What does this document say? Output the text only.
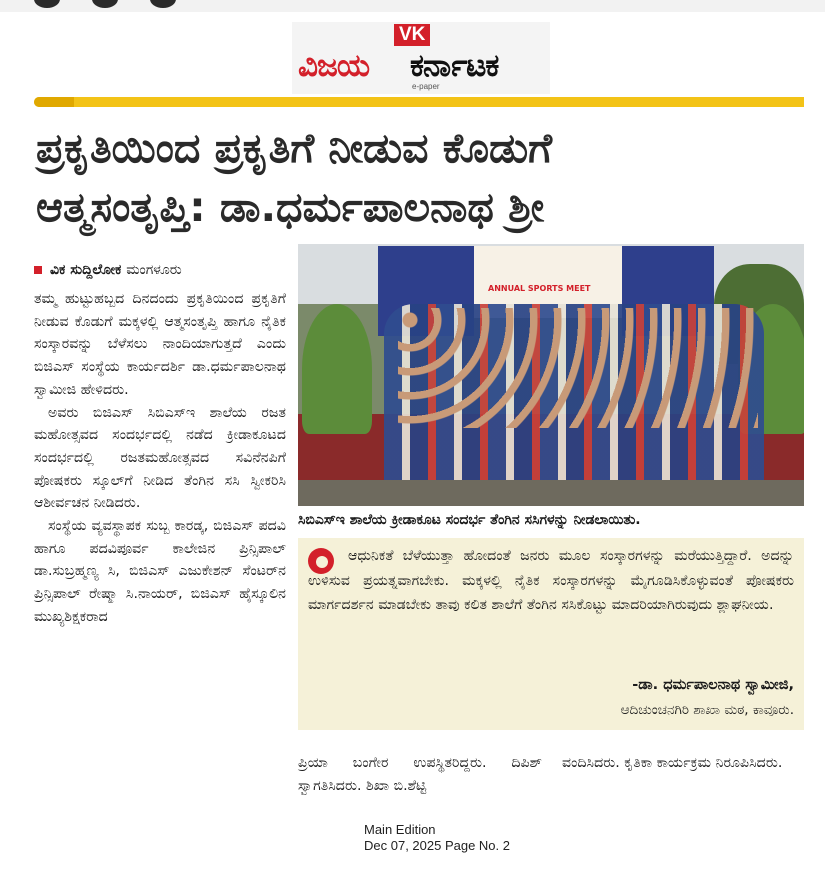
VK
ವಿಜಯ ಕರ್ನಾಟಕ
e-paper
ಪ್ರಕೃತಿಯಿಂದ ಪ್ರಕೃತಿಗೆ ನೀಡುವ ಕೊಡುಗೆ
ಆತ್ಮಸಂತೃಪ್ತಿ: ಡಾ.ಧರ್ಮಪಾಲನಾಥ ಶ್ರೀ
ವಿಕ ಸುದ್ದಿಲೋಕ ಮಂಗಳೂರು

ತಮ್ಮ ಹುಟ್ಟುಹಬ್ಬದ ದಿನದಂದು ಪ್ರಕೃತಿಯಿಂದ ಪ್ರಕೃತಿಗೆ ನೀಡುವ ಕೊಡುಗೆ ಮಕ್ಕಳಲ್ಲಿ ಆತ್ಮಸಂತೃಪ್ತಿ ಹಾಗೂ ನೈತಿಕ ಸಂಸ್ಕಾರವನ್ನು ಬೆಳೆಸಲು ನಾಂದಿಯಾಗುತ್ತದೆ ಎಂದು ಬಿಜಿಎಸ್ ಸಂಸ್ಥೆಯ ಕಾರ್ಯದರ್ಶಿ ಡಾ.ಧರ್ಮಪಾಲನಾಥ ಸ್ವಾಮೀಜಿ ಹೇಳಿದರು.

ಅವರು ಬಿಜಿಎಸ್ ಸಿಬಿಎಸ್‌ಇ ಶಾಲೆಯ ರಜತ ಮಹೋತ್ಸವದ ಸಂದರ್ಭದಲ್ಲಿ ನಡೆದ ಕ್ರೀಡಾಕೂಟದ ಸಂದರ್ಭದಲ್ಲಿ ರಜತಮಹೋತ್ಸವದ ಸವಿನೆನಪಿಗೆ ಪೋಷಕರು ಸ್ಕೂಲ್‌ಗೆ ನೀಡಿದ ತೆಂಗಿನ ಸಸಿ ಸ್ವೀಕರಿಸಿ ಆಶೀರ್ವಚನ ನೀಡಿದರು.

ಸಂಸ್ಥೆಯ ವ್ಯವಸ್ಥಾಪಕ ಸುಬ್ಬ ಕಾರಡ್ಕ, ಬಿಜಿಎಸ್ ಪದವಿ ಹಾಗೂ ಪದವಿಪೂರ್ವ ಕಾಲೇಜಿನ ಪ್ರಿನ್ಸಿಪಾಲ್ ಡಾ.ಸುಬ್ರಹ್ಮಣ್ಯ ಸಿ, ಬಿಜಿಎಸ್ ಎಜುಕೇಶನ್ ಸೆಂಟರ್‌ನ ಪ್ರಿನ್ಸಿಪಾಲ್ ರೇಷ್ಮಾ ಸಿ.ನಾಯರ್, ಬಿಜಿಎಸ್ ಹೈಸ್ಕೂಲಿನ ಮುಖ್ಯಶಿಕ್ಷಕರಾದ

ANNUAL SPORTS MEET
ಸಿಬಿಎಸ್‌ಇ ಶಾಲೆಯ ಕ್ರೀಡಾಕೂಟ ಸಂದರ್ಭ ತೆಂಗಿನ ಸಸಿಗಳನ್ನು ನೀಡಲಾಯಿತು.
ಆಧುನಿಕತೆ ಬೆಳೆಯುತ್ತಾ ಹೋದಂತೆ ಜನರು ಮೂಲ ಸಂಸ್ಕಾರಗಳನ್ನು ಮರೆಯುತ್ತಿದ್ದಾರೆ. ಅದನ್ನು ಉಳಿಸುವ ಪ್ರಯತ್ನವಾಗಬೇಕು. ಮಕ್ಕಳಲ್ಲಿ ನೈತಿಕ ಸಂಸ್ಕಾರಗಳನ್ನು ಮೈಗೂಡಿಸಿಕೊಳ್ಳುವಂತೆ ಪೋಷಕರು ಮಾರ್ಗದರ್ಶನ ಮಾಡಬೇಕು ತಾವು ಕಲಿತ ಶಾಲೆಗೆ ತೆಂಗಿನ ಸಸಿಕೊಟ್ಟು ಮಾದರಿಯಾಗಿರುವುದು ಶ್ಲಾಘನೀಯ.
-ಡಾ. ಧರ್ಮಪಾಲನಾಥ ಸ್ವಾಮೀಜಿ,
ಆದಿಚುಂಚನಗಿರಿ ಶಾಖಾ ಮಠ, ಕಾವೂರು.
ಪ್ರಿಯಾ ಬಂಗೇರ ಉಪಸ್ಥಿತರಿದ್ದರು. ದಿಪಿಶ್ ಸ್ವಾಗತಿಸಿದರು. ಶಿಖಾ ಬಿ.ಶೆಟ್ಟಿ
ವಂದಿಸಿದರು. ಕೃತಿಕಾ ಕಾರ್ಯಕ್ರಮ ನಿರೂಪಿಸಿದರು.
Main Edition
Dec 07, 2025 Page No. 2
